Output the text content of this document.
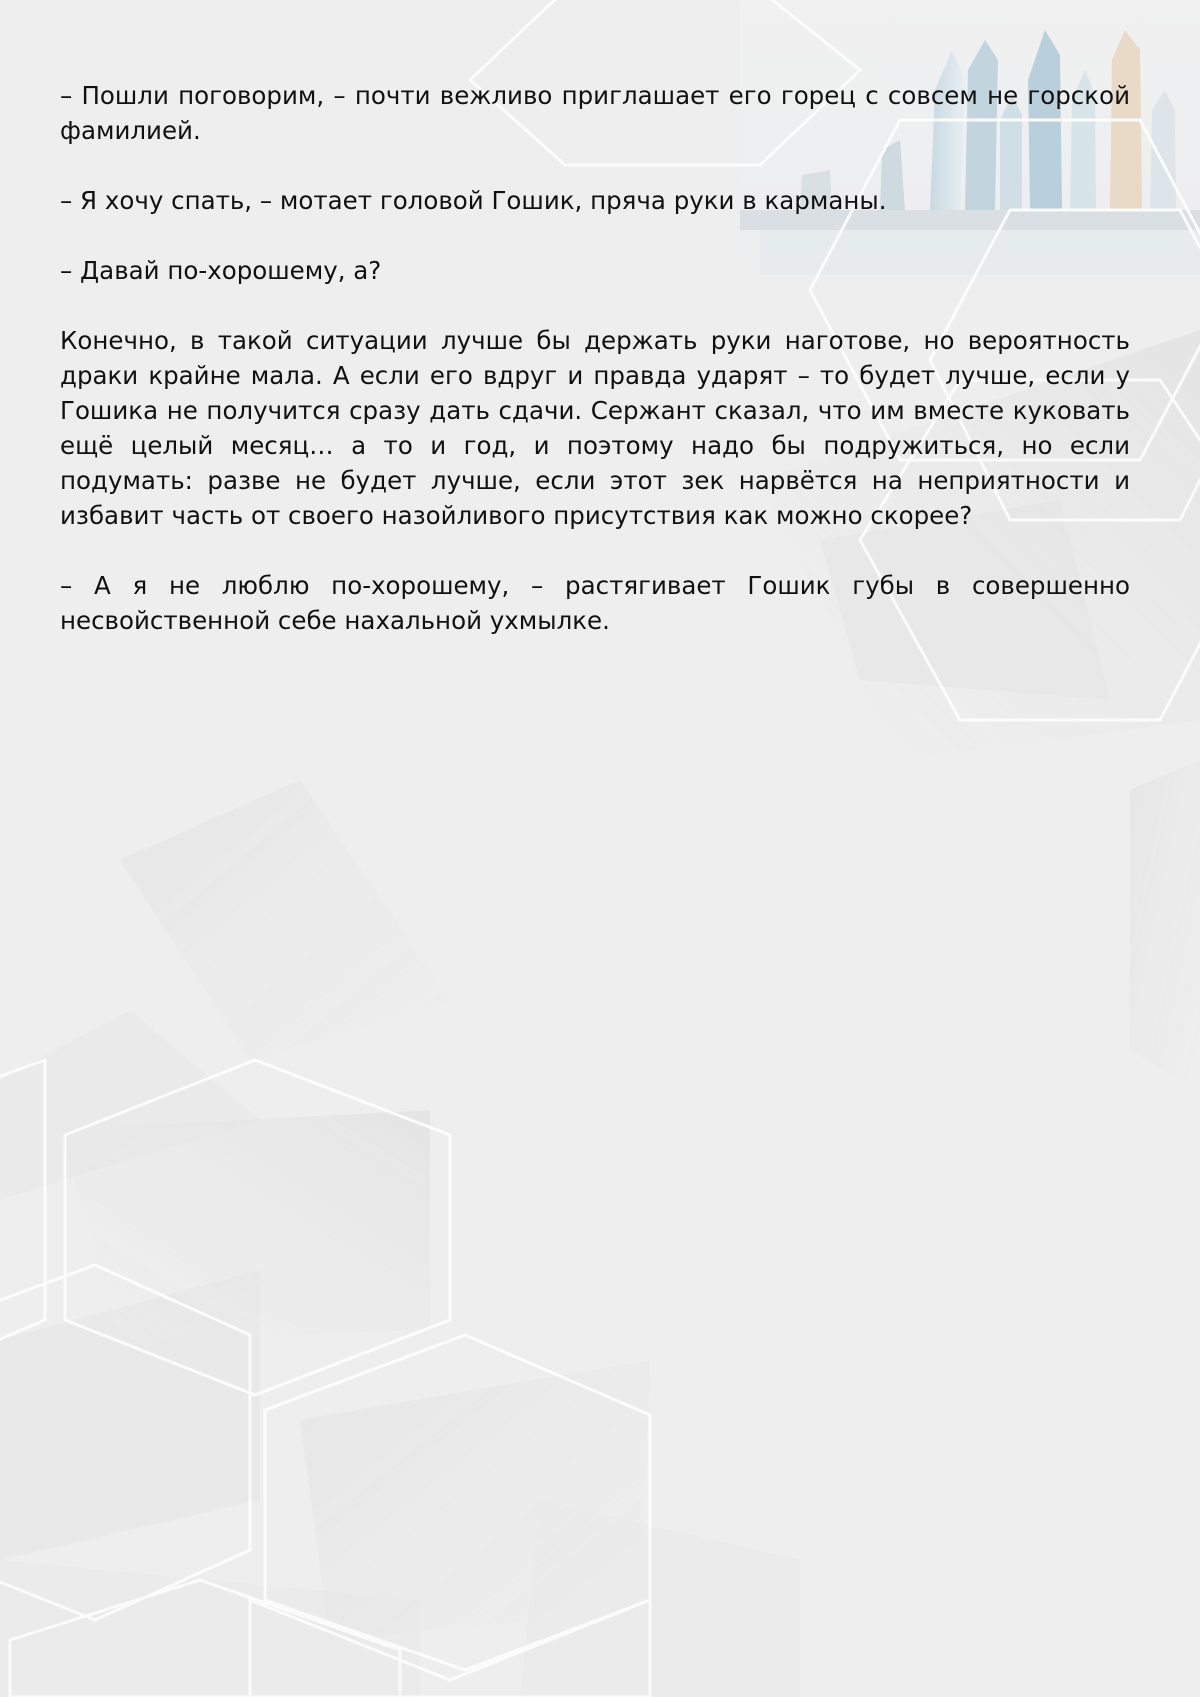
– Пошли поговорим, – почти вежливо приглашает его горец с совсем не горской фамилией.

– Я хочу спать, – мотает головой Гошик, пряча руки в карманы.

– Давай по-хорошему, а?

Конечно, в такой ситуации лучше бы держать руки наготове, но вероятность драки крайне мала. А если его вдруг и правда ударят – то будет лучше, если у Гошика не получится сразу дать сдачи. Сержант сказал, что им вместе куковать ещё целый месяц… а то и год, и поэтому надо бы подружиться, но если подумать: разве не будет лучше, если этот зек нарвётся на неприятности и избавит часть от своего назойливого присутствия как можно скорее?

– А я не люблю по-хорошему, – растягивает Гошик губы в совершенно несвойственной себе нахальной ухмылке.
